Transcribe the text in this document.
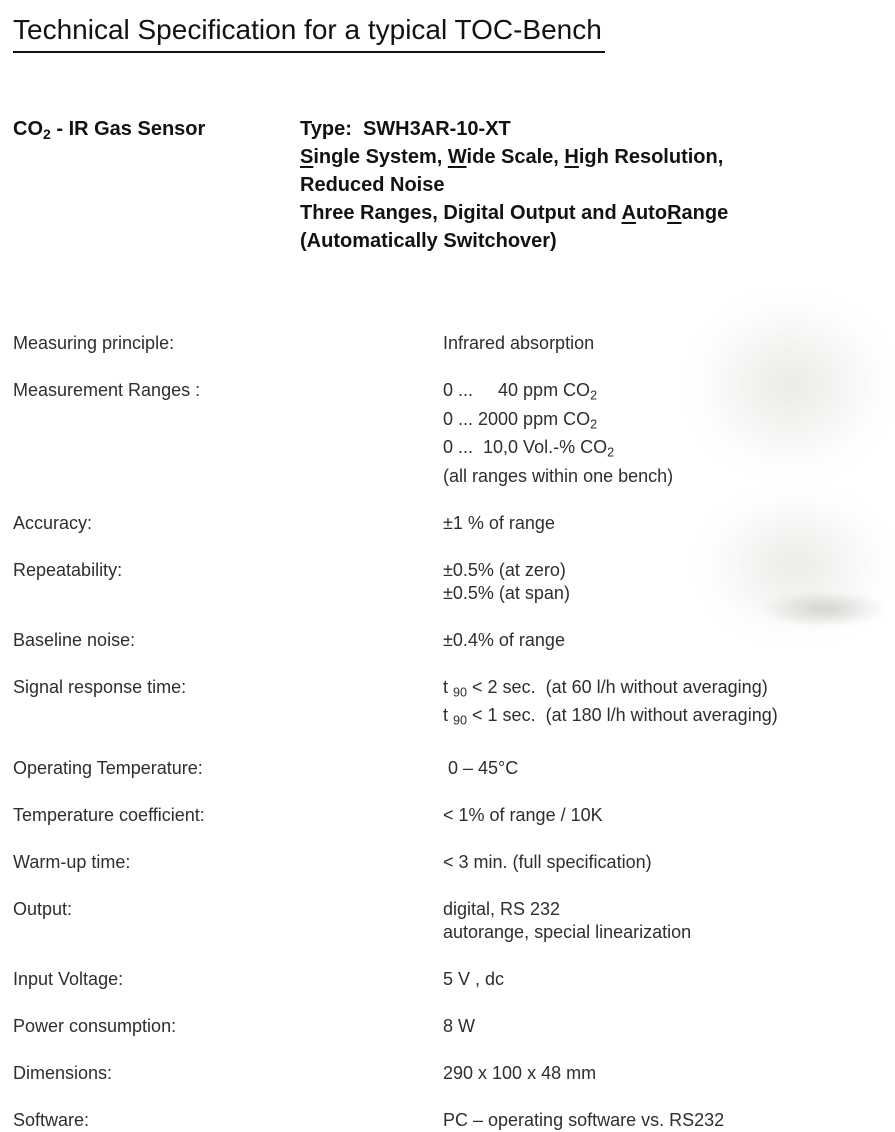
Technical Specification for a typical TOC-Bench
$CO_2$ - IR Gas Sensor	Type:  SWH3AR-10-XT
Single System, Wide Scale, High Resolution,
Reduced Noise
Three Ranges, Digital Output and AutoRange
(Automatically Switchover)
Measuring principle:	Infrared absorption
Measurement Ranges :	0 ...     40 ppm $CO_2$
0 ... 2000 ppm $CO_2$
0 ...  10,0 Vol.-% $CO_2$
(all ranges within one bench)
Accuracy:	±1 % of range
Repeatability:	±0.5% (at zero)
±0.5% (at span)
Baseline noise:	±0.4% of range
Signal response time:	t $_{90}$ < 2 sec.  (at 60 l/h without averaging)
t $_{90}$ < 1 sec.  (at 180 l/h without averaging)
Operating Temperature:	0 – 45°C
Temperature coefficient:	< 1% of range / 10K
Warm-up time:	< 3 min. (full specification)
Output:	digital, RS 232
autorange, special linearization
Input Voltage:	5 V , dc
Power consumption:	8 W
Dimensions:	290 x 100 x 48 mm
Software:	PC – operating software vs. RS232
